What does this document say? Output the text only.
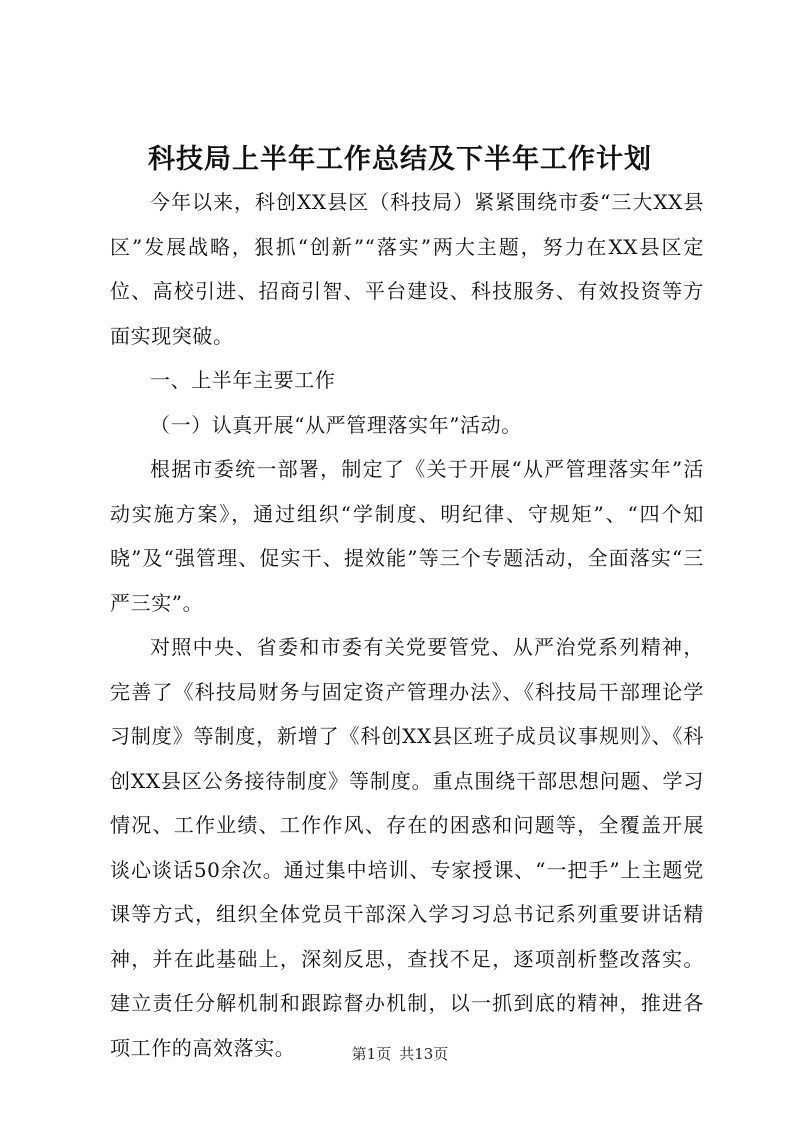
科技局上半年工作总结及下半年工作计划

今年以来，科创XX县区（科技局）紧紧围绕市委“三大XX县区”发展战略，狠抓“创新”“落实”两大主题，努力在XX县区定位、高校引进、招商引智、平台建设、科技服务、有效投资等方面实现突破。

一、上半年主要工作

（一）认真开展“从严管理落实年”活动。

根据市委统一部署，制定了《关于开展“从严管理落实年”活动实施方案》，通过组织“学制度、明纪律、守规矩”、“四个知晓”及“强管理、促实干、提效能”等三个专题活动，全面落实“三严三实”。

对照中央、省委和市委有关党要管党、从严治党系列精神，完善了《科技局财务与固定资产管理办法》、《科技局干部理论学习制度》等制度，新增了《科创XX县区班子成员议事规则》、《科创XX县区公务接待制度》等制度。重点围绕干部思想问题、学习情况、工作业绩、工作作风、存在的困惑和问题等，全覆盖开展谈心谈话50余次。通过集中培训、专家授课、“一把手”上主题党课等方式，组织全体党员干部深入学习习总书记系列重要讲话精神，并在此基础上，深刻反思，查找不足，逐项剖析整改落实。建立责任分解机制和跟踪督办机制，以一抓到底的精神，推进各项工作的高效落实。	第1页 共13页
